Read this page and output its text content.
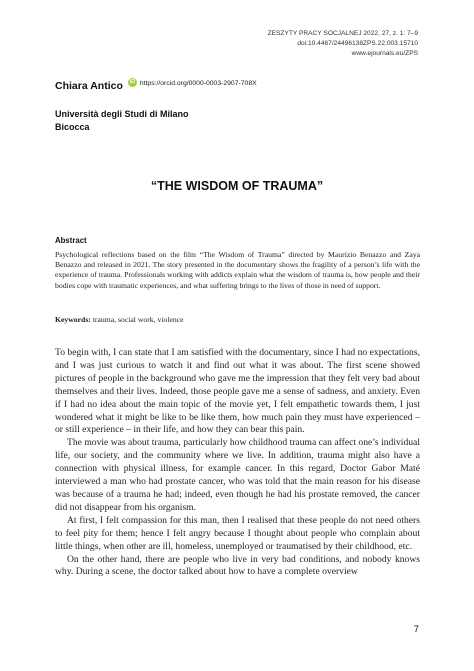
ZESZYTY PRACY SOCJALNEJ 2022, 27, z. 1: 7–9
doi:10.4467/24496138ZPS.22.003.15710
www.ejournals.eu/ZPS
Chiara Antico	iD https://orcid.org/0000-0003-2907-708X
Università degli Studi di Milano
Bicocca
“THE WISDOM OF TRAUMA”
Abstract
Psychological reflections based on the film “The Wisdom of Trauma” directed by Maurizio Benazzo and Zaya Benazzo and released in 2021. The story presented in the documentary shows the fragility of a person’s life with the experience of trauma. Professionals working with addicts explain what the wisdom of trauma is, how people and their bodies cope with traumatic experiences, and what suffering brings to the lives of those in need of support.
Keywords: trauma, social work, violence

To begin with, I can state that I am satisfied with the documentary, since I had no expectations, and I was just curious to watch it and find out what it was about. The first scene showed pictures of people in the background who gave me the impression that they felt very bad about themselves and their lives. Indeed, those people gave me a sense of sadness, and anxiety. Even if I had no idea about the main topic of the movie yet, I felt empathetic towards them, I just wondered what it might be like to be like them, how much pain they must have experienced – or still experience – in their life, and how they can bear this pain.

The movie was about trauma, particularly how childhood trauma can affect one’s individual life, our society, and the community where we live. In addition, trauma might also have a connection with physical illness, for example cancer. In this regard, Doctor Gabor Maté interviewed a man who had prostate cancer, who was told that the main reason for his disease was because of a trauma he had; indeed, even though he had his prostate removed, the cancer did not disappear from his organism.

At first, I felt compassion for this man, then I realised that these people do not need others to feel pity for them; hence I felt angry because I thought about people who complain about little things, when other are ill, homeless, unemployed or traumatised by their childhood, etc.

On the other hand, there are people who live in very bad conditions, and nobody knows why. During a scene, the doctor talked about how to have a complete overview

7
